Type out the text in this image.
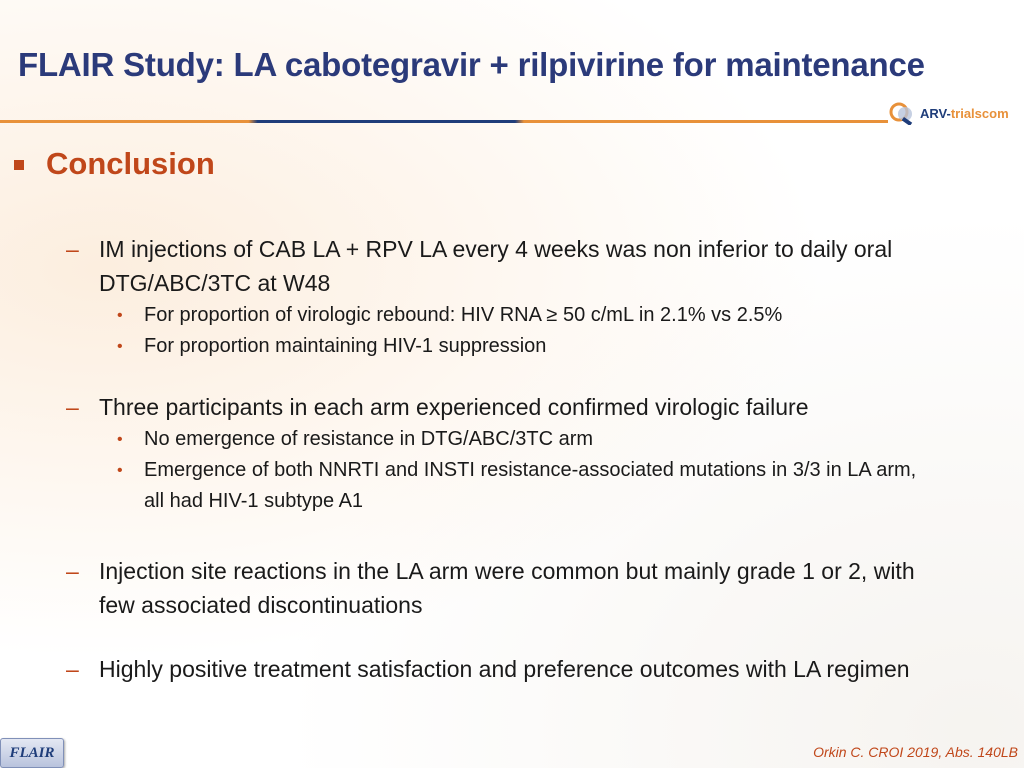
FLAIR Study: LA cabotegravir + rilpivirine for maintenance
ARV-trialscom
Conclusion
– IM injections of CAB LA + RPV LA every 4 weeks was non inferior to daily oral DTG/ABC/3TC at W48
• For proportion of virologic rebound: HIV RNA ≥ 50 c/mL in 2.1% vs 2.5%
• For proportion maintaining HIV-1 suppression
– Three participants in each arm experienced confirmed virologic failure
• No emergence of resistance in DTG/ABC/3TC arm
• Emergence of both NNRTI and INSTI resistance-associated mutations in 3/3 in LA arm, all had HIV-1 subtype A1
– Injection site reactions in the LA arm were common but mainly grade 1 or 2, with few associated discontinuations
– Highly positive treatment satisfaction and preference outcomes with LA regimen
FLAIR	Orkin C. CROI 2019, Abs. 140LB
